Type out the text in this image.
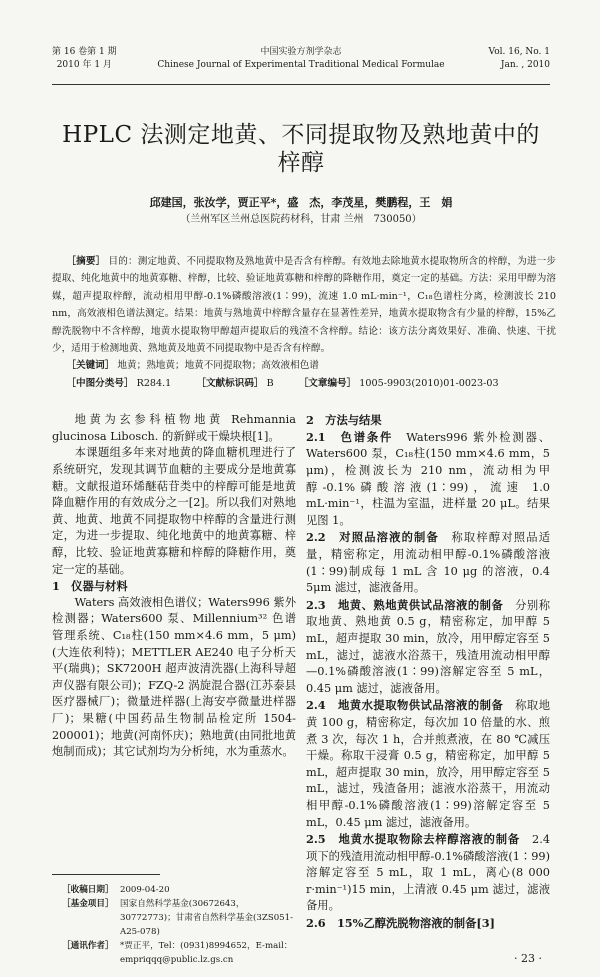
第 16 卷第 1 期
2010 年 1 月
中国实验方剂学杂志
Chinese Journal of Experimental Traditional Medical Formulae
Vol. 16, No. 1
Jan. , 2010
HPLC 法测定地黄、不同提取物及熟地黄中的梓醇
邱建国，张汝学，贾正平*，盛　杰，李茂星，樊鹏程，王　娟
（兰州军区兰州总医院药材科，甘肃 兰州　730050）
［摘要］ 目的：测定地黄、不同提取物及熟地黄中是否含有梓醇。有效地去除地黄水提取物所含的梓醇，为进一步提取、纯化地黄中的地黄寡糖、梓醇，比较、验证地黄寡糖和梓醇的降糖作用，奠定一定的基础。方法：采用甲醇为溶媒，超声提取梓醇，流动相用甲醇-0.1%磷酸溶液(1∶99)，流速 1.0 mL·min⁻¹，C₁₈色谱柱分离，检测波长 210 nm，高效液相色谱法测定。结果：地黄与熟地黄中梓醇含量存在显著性差异，地黄水提取物含有少量的梓醇，15%乙醇洗脱物中不含梓醇，地黄水提取物甲醇超声提取后的残渣不含梓醇。结论：该方法分离效果好、准确、快速、干扰少，适用于检测地黄、熟地黄及地黄不同提取物中是否含有梓醇。
［关键词］ 地黄；熟地黄；地黄不同提取物；高效液相色谱
［中图分类号］ R284.1	［文献标识码］ B	［文章编号］ 1005-9903(2010)01-0023-03

地黄为玄参科植物地黄 Rehmannia glucinosa Libosch. 的新鲜或干燥块根[1]。

本课题组多年来对地黄的降血糖机理进行了系统研究，发现其调节血糖的主要成分是地黄寡糖。文献报道环烯醚萜苷类中的梓醇可能是地黄降血糖作用的有效成分之一[2]。所以我们对熟地黄、地黄、地黄不同提取物中梓醇的含量进行测定，为进一步提取、纯化地黄中的地黄寡糖、梓醇，比较、验证地黄寡糖和梓醇的降糖作用，奠定一定的基础。

1　仪器与材料

Waters 高效液相色谱仪；Waters996 紫外检测器；Waters600 泵、Millennium³² 色谱管理系统、C₁₈柱(150 mm×4.6 mm，5 μm)(大连依利特)；METTLER AE240 电子分析天平(瑞典)；SK7200H 超声波清洗器(上海科导超声仪器有限公司)；FZQ-2 涡旋混合器(江苏泰县医疗器械厂)；微量进样器(上海安亭微量进样器厂)；果糖(中国药品生物制品检定所 1504-200001)；地黄(河南怀庆)；熟地黄(由同批地黄炮制而成)；其它试剂均为分析纯，水为重蒸水。

［收稿日期］ 2009-04-20
［基金项目］ 国家自然科学基金(30672643，30772773)；甘肃省自然科学基金(3ZS051-A25-078)
［通讯作者］ *贾正平，Tel：(0931)8994652，E-mail：empriqqq@public.lz.gs.cn

2　方法与结果

2.1　色谱条件　Waters996 紫外检测器、Waters600 泵，C₁₈柱(150 mm×4.6 mm，5 μm)，检测波长为 210 nm，流动相为甲醇-0.1%磷酸溶液(1∶99)，流速 1.0 mL·min⁻¹，柱温为室温，进样量 20 μL。结果见图 1。

2.2　对照品溶液的制备　称取梓醇对照品适量，精密称定，用流动相甲醇-0.1%磷酸溶液(1∶99)制成每 1 mL 含 10 μg 的溶液，0.4 5μm 滤过，滤液备用。

2.3　地黄、熟地黄供试品溶液的制备　分别称取地黄、熟地黄 0.5 g，精密称定，加甲醇 5 mL，超声提取 30 min，放冷，用甲醇定容至 5 mL，滤过，滤液水浴蒸干，残渣用流动相甲醇—0.1%磷酸溶液(1∶99)溶解定容至 5 mL，0.45 μm 滤过，滤液备用。

2.4　地黄水提取物供试品溶液的制备　称取地黄 100 g，精密称定，每次加 10 倍量的水、煎煮 3 次，每次 1 h，合并煎煮液，在 80 ℃减压干燥。称取干浸膏 0.5 g，精密称定，加甲醇 5 mL，超声提取 30 min，放冷，用甲醇定容至 5 mL，滤过，残渣备用；滤液水浴蒸干，用流动相甲醇-0.1%磷酸溶液(1∶99)溶解定容至 5 mL，0.45 μm 滤过，滤液备用。

2.5　地黄水提取物除去梓醇溶液的制备　2.4 项下的残渣用流动相甲醇-0.1%磷酸溶液(1∶99)溶解定容至 5 mL，取 1 mL，离心(8 000 r·min⁻¹)15 min，上清液 0.45 μm 滤过，滤液备用。

2.6　15%乙醇洗脱物溶液的制备[3]

· 23 ·
